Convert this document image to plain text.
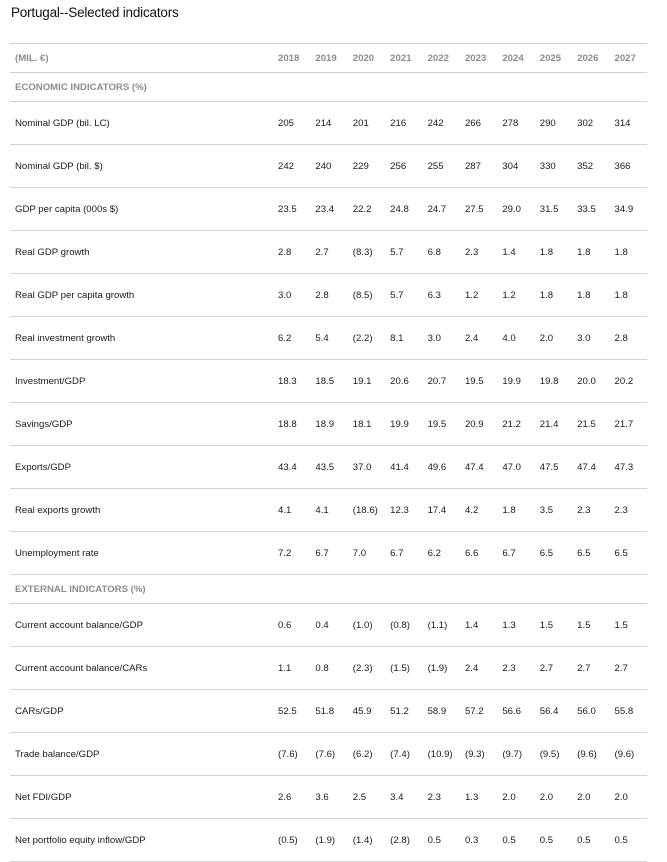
Portugal--Selected indicators
(MIL. €)	2018	2019	2020	2021	2022	2023	2024	2025	2026	2027
ECONOMIC INDICATORS (%)										
Nominal GDP (bil. LC)	205	214	201	216	242	266	278	290	302	314
Nominal GDP (bil. $)	242	240	229	256	255	287	304	330	352	366
GDP per capita (000s $)	23.5	23.4	22.2	24.8	24.7	27.5	29.0	31.5	33.5	34.9
Real GDP growth	2.8	2.7	(8.3)	5.7	6.8	2.3	1.4	1.8	1.8	1.8
Real GDP per capita growth	3.0	2.8	(8.5)	5.7	6.3	1.2	1.2	1.8	1.8	1.8
Real investment growth	6.2	5.4	(2.2)	8.1	3.0	2.4	4.0	2.0	3.0	2.8
Investment/GDP	18.3	18.5	19.1	20.6	20.7	19.5	19.9	19.8	20.0	20.2
Savings/GDP	18.8	18.9	18.1	19.9	19.5	20.9	21.2	21.4	21.5	21.7
Exports/GDP	43.4	43.5	37.0	41.4	49.6	47.4	47.0	47.5	47.4	47.3
Real exports growth	4.1	4.1	(18.6)	12.3	17.4	4.2	1.8	3.5	2.3	2.3
Unemployment rate	7.2	6.7	7.0	6.7	6.2	6.6	6.7	6.5	6.5	6.5
EXTERNAL INDICATORS (%)										
Current account balance/GDP	0.6	0.4	(1.0)	(0.8)	(1.1)	1.4	1.3	1.5	1.5	1.5
Current account balance/CARs	1.1	0.8	(2.3)	(1.5)	(1.9)	2.4	2.3	2.7	2.7	2.7
CARs/GDP	52.5	51.8	45.9	51.2	58.9	57.2	56.6	56.4	56.0	55.8
Trade balance/GDP	(7.6)	(7.6)	(6.2)	(7.4)	(10.9)	(9.3)	(9.7)	(9.5)	(9.6)	(9.6)
Net FDI/GDP	2.6	3.6	2.5	3.4	2.3	1.3	2.0	2.0	2.0	2.0
Net portfolio equity inflow/GDP	(0.5)	(1.9)	(1.4)	(2.8)	0.5	0.3	0.5	0.5	0.5	0.5
